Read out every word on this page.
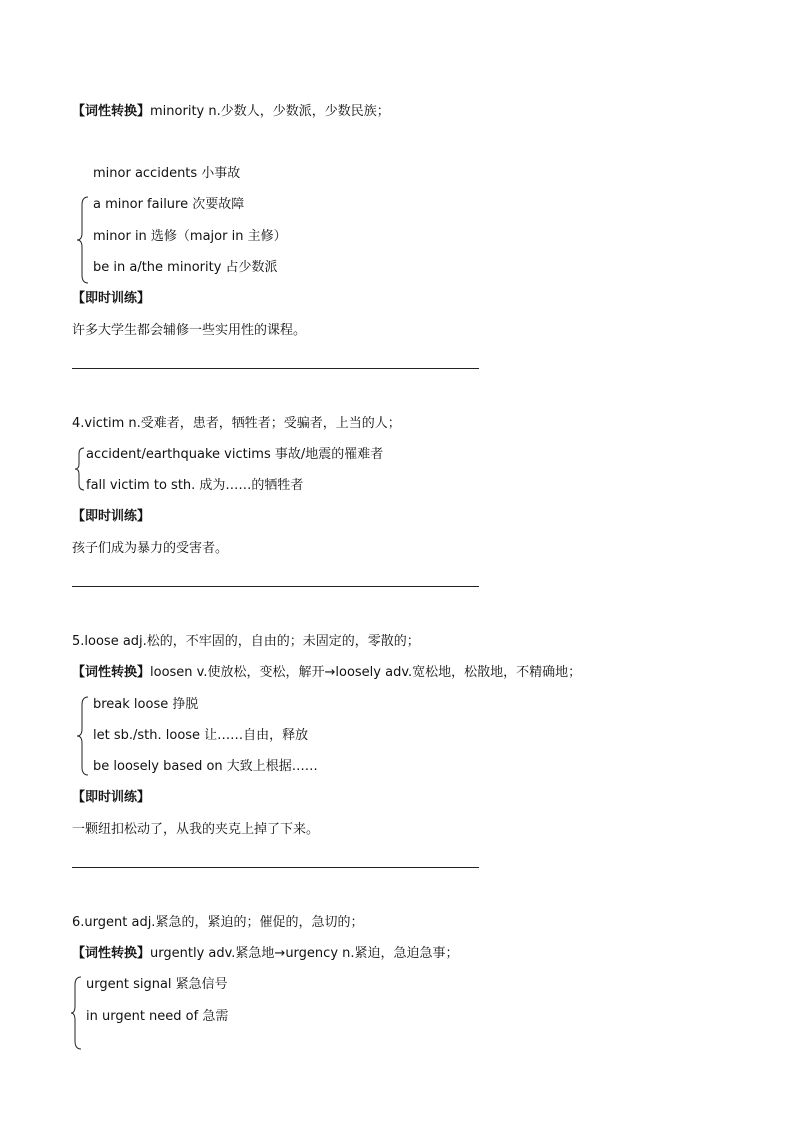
【词性转换】minority n.少数人，少数派，少数民族；
minor accidents 小事故
a minor failure 次要故障
minor in 选修（major in 主修）
be in a/the minority 占少数派
【即时训练】
许多大学生都会辅修一些实用性的课程。
4.victim n.受难者，患者，牺牲者；受骗者，上当的人；
accident/earthquake victims 事故/地震的罹难者
fall victim to sth. 成为……的牺牲者
【即时训练】
孩子们成为暴力的受害者。
5.loose adj.松的，不牢固的，自由的；未固定的，零散的；
【词性转换】loosen v.使放松，变松，解开→loosely adv.宽松地，松散地，不精确地；
break loose 挣脱
let sb./sth. loose 让……自由，释放
be loosely based on 大致上根据……
【即时训练】
一颗纽扣松动了，从我的夹克上掉了下来。
6.urgent adj.紧急的，紧迫的；催促的，急切的；
【词性转换】urgently adv.紧急地→urgency n.紧迫，急迫急事；
urgent signal 紧急信号
in urgent need of 急需
